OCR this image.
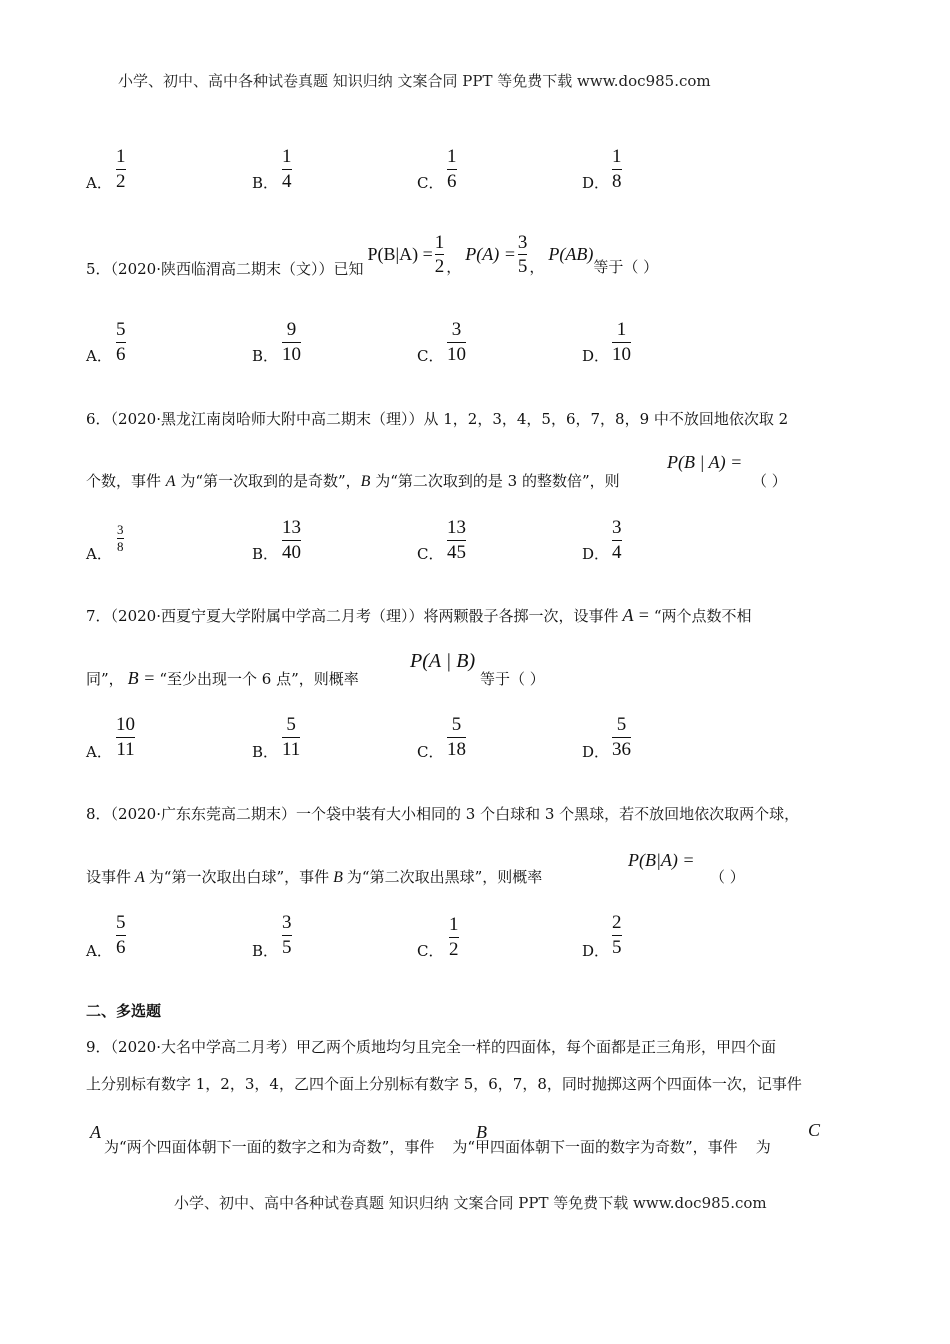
小学、初中、高中各种试卷真题 知识归纳 文案合同 PPT 等免费下载 www.doc985.com
A．
1
2	B．
1
4	C．
1
6	D．
1
8
5．（2020·陕西临渭高二期末（文））已知
P(B|A) =
1
2 ，
P(A) =
3
5 ，
P(AB)
等于（ ）
A．
5
6	B．
9
10	C．
3
10	D．
1
10
6．（2020·黑龙江南岗哈师大附中高二期末（理））从 1，2，3，4，5，6，7，8，9 中不放回地依次取 2
个数，事件 A 为“第一次取到的是奇数”，B 为“第二次取到的是 3 的整数倍”，则
P(B | A) =
（ ）
A．
3
8	B．
13
40	C．
13
45	D．
3
4
7．（2020·西夏宁夏大学附属中学高二月考（理））将两颗骰子各掷一次，设事件 A = “两个点数不相
同”， B = “至少出现一个 6 点”，则概率
P(A | B)
等于（ ）
A．
10
11	B．
5
11	C．
5
18	D．
5
36
8．（2020·广东东莞高二期末）一个袋中装有大小相同的 3 个白球和 3 个黑球，若不放回地依次取两个球，
设事件 A 为“第一次取出白球”，事件 B 为“第二次取出黑球”，则概率
P(B|A) =
（ ）
A．
5
6	B．
3
5	C．
1
2	D．
2
5
二、多选题
9．（2020·大名中学高二月考）甲乙两个质地均匀且完全一样的四面体，每个面都是正三角形，甲四个面
上分别标有数字 1，2，3，4，乙四个面上分别标有数字 5，6，7，8，同时抛掷这两个四面体一次，记事件
A	B	C
为“两个四面体朝下一面的数字之和为奇数”，事件 为“甲四面体朝下一面的数字为奇数”，事件 为
小学、初中、高中各种试卷真题 知识归纳 文案合同 PPT 等免费下载 www.doc985.com
